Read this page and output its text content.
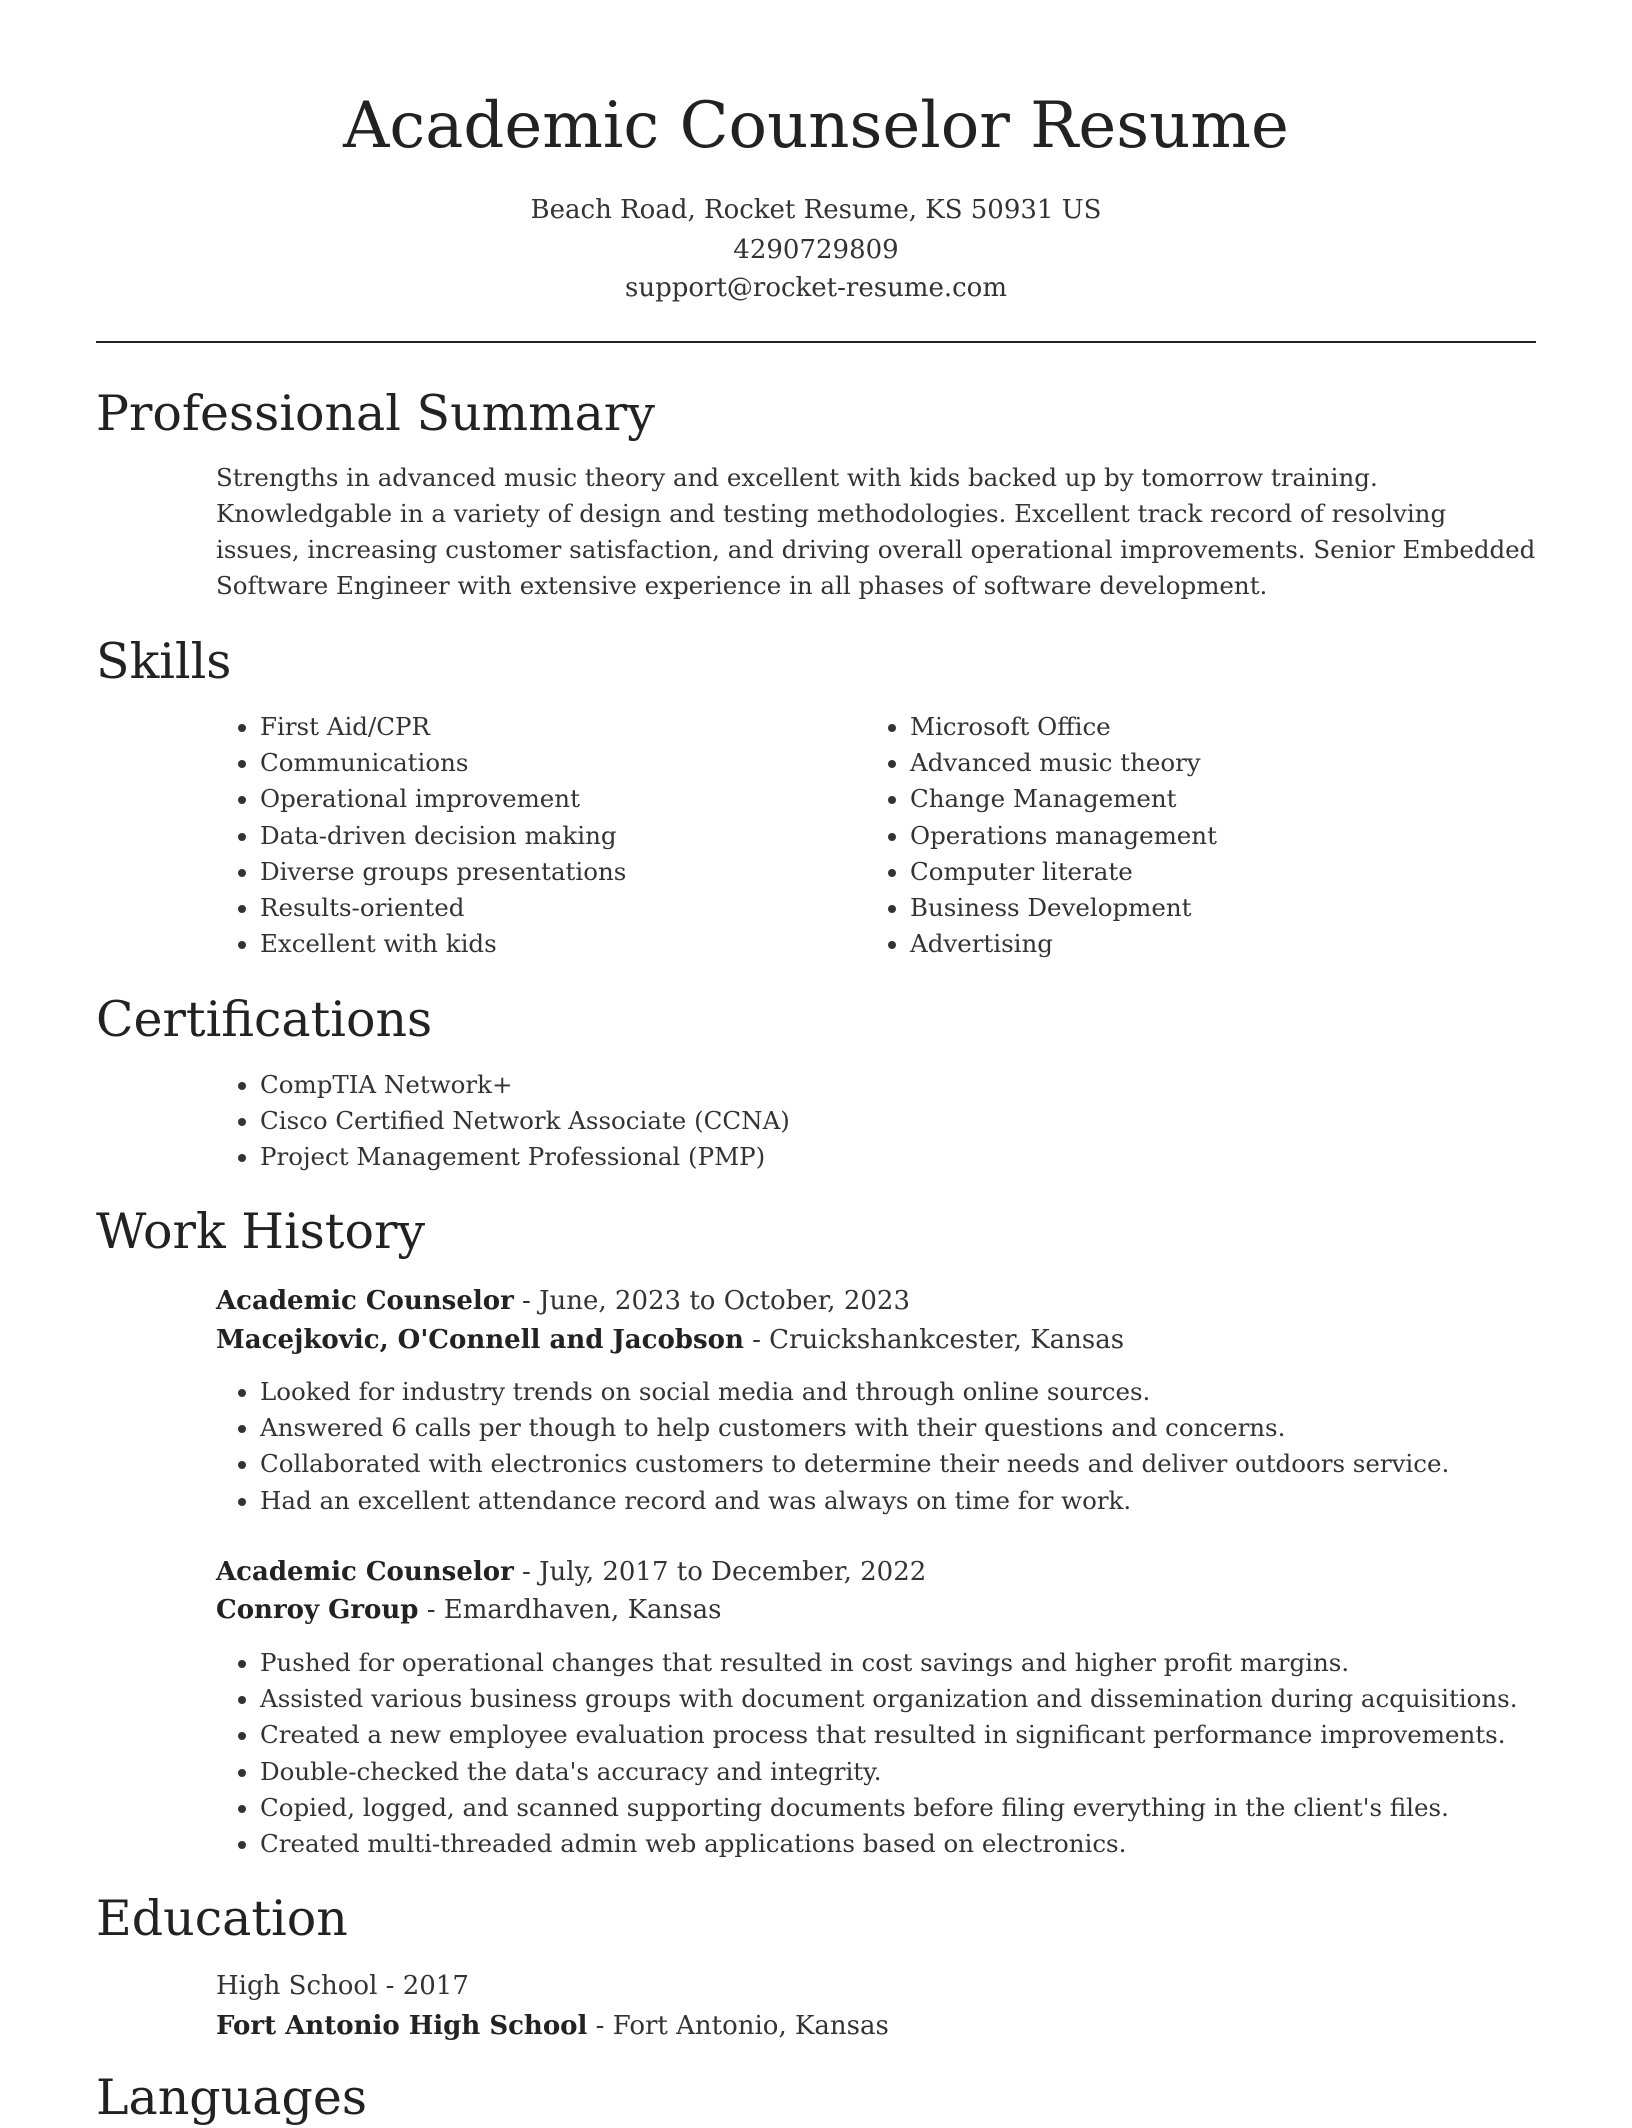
Academic Counselor Resume
Beach Road, Rocket Resume, KS 50931 US
4290729809
support@rocket-resume.com
Professional Summary

Strengths in advanced music theory and excellent with kids backed up by tomorrow training. Knowledgable in a variety of design and testing methodologies. Excellent track record of resolving issues, increasing customer satisfaction, and driving overall operational improvements. Senior Embedded Software Engineer with extensive experience in all phases of software development.

Skills
• First Aid/CPR
• Communications
• Operational improvement
• Data-driven decision making
• Diverse groups presentations
• Results-oriented
• Excellent with kids
• Microsoft Office
• Advanced music theory
• Change Management
• Operations management
• Computer literate
• Business Development
• Advertising
Certifications
• CompTIA Network+
• Cisco Certified Network Associate (CCNA)
• Project Management Professional (PMP)
Work History
Academic Counselor - June, 2023 to October, 2023
Macejkovic, O'Connell and Jacobson - Cruickshankcester, Kansas
• Looked for industry trends on social media and through online sources.
• Answered 6 calls per though to help customers with their questions and concerns.
• Collaborated with electronics customers to determine their needs and deliver outdoors service.
• Had an excellent attendance record and was always on time for work.
Academic Counselor - July, 2017 to December, 2022
Conroy Group - Emardhaven, Kansas
• Pushed for operational changes that resulted in cost savings and higher profit margins.
• Assisted various business groups with document organization and dissemination during acquisitions.
• Created a new employee evaluation process that resulted in significant performance improvements.
• Double-checked the data's accuracy and integrity.
• Copied, logged, and scanned supporting documents before filing everything in the client's files.
• Created multi-threaded admin web applications based on electronics.
Education
High School - 2017
Fort Antonio High School - Fort Antonio, Kansas
Languages
